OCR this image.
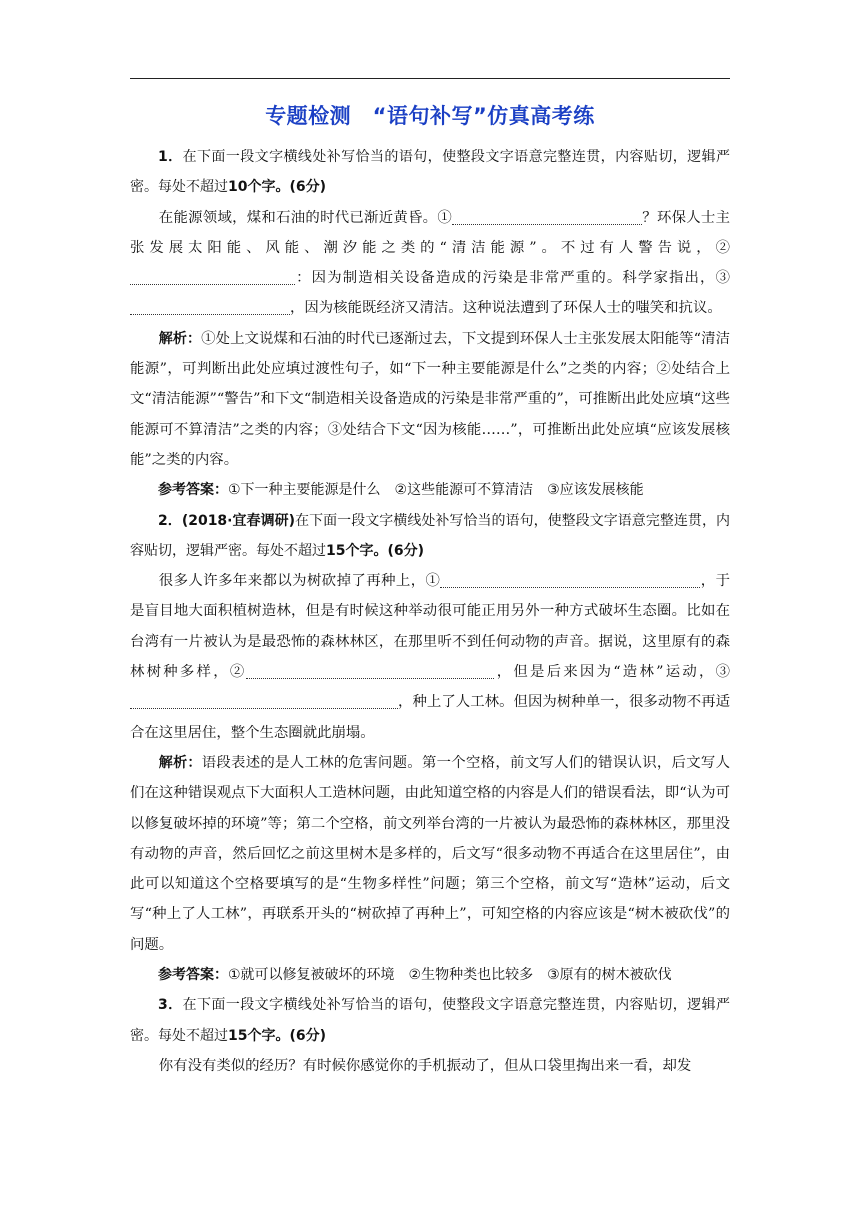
专题检测　“语句补写”仿真高考练

1．在下面一段文字横线处补写恰当的语句，使整段文字语意完整连贯，内容贴切，逻辑严密。每处不超过10个字。(6分)

在能源领域，煤和石油的时代已渐近黄昏。①	？环保人士主张发展太阳能、风能、潮汐能之类的“清洁能源”。不过有人警告说，②：因为制造相关设备造成的污染是非常严重的。科学家指出，③，因为核能既经济又清洁。这种说法遭到了环保人士的嗤笑和抗议。

解析：①处上文说煤和石油的时代已逐渐过去，下文提到环保人士主张发展太阳能等“清洁能源”，可判断出此处应填过渡性句子，如“下一种主要能源是什么”之类的内容；②处结合上文“清洁能源”“警告”和下文“制造相关设备造成的污染是非常严重的”，可推断出此处应填“这些能源可不算清洁”之类的内容；③处结合下文“因为核能……”，可推断出此处应填“应该发展核能”之类的内容。

参考答案：①下一种主要能源是什么　②这些能源可不算清洁　③应该发展核能

2．(2018·宜春调研)在下面一段文字横线处补写恰当的语句，使整段文字语意完整连贯，内容贴切，逻辑严密。每处不超过15个字。(6分)

很多人许多年来都以为树砍掉了再种上，①	，于是盲目地大面积植树造林，但是有时候这种举动很可能正用另外一种方式破坏生态圈。比如在台湾有一片被认为是最恐怖的森林林区，在那里听不到任何动物的声音。据说，这里原有的森林树种多样，②	，但是后来因为“造林”运动，③，种上了人工林。但因为树种单一，很多动物不再适合在这里居住，整个生态圈就此崩塌。

解析：语段表述的是人工林的危害问题。第一个空格，前文写人们的错误认识，后文写人们在这种错误观点下大面积人工造林问题，由此知道空格的内容是人们的错误看法，即“认为可以修复破坏掉的环境”等；第二个空格，前文列举台湾的一片被认为最恐怖的森林林区，那里没有动物的声音，然后回忆之前这里树木是多样的，后文写“很多动物不再适合在这里居住”，由此可以知道这个空格要填写的是“生物多样性”问题；第三个空格，前文写“造林”运动，后文写“种上了人工林”，再联系开头的“树砍掉了再种上”，可知空格的内容应该是“树木被砍伐”的问题。

参考答案：①就可以修复被破坏的环境　②生物种类也比较多　③原有的树木被砍伐

3．在下面一段文字横线处补写恰当的语句，使整段文字语意完整连贯，内容贴切，逻辑严密。每处不超过15个字。(6分)

你有没有类似的经历？有时候你感觉你的手机振动了，但从口袋里掏出来一看，却发
